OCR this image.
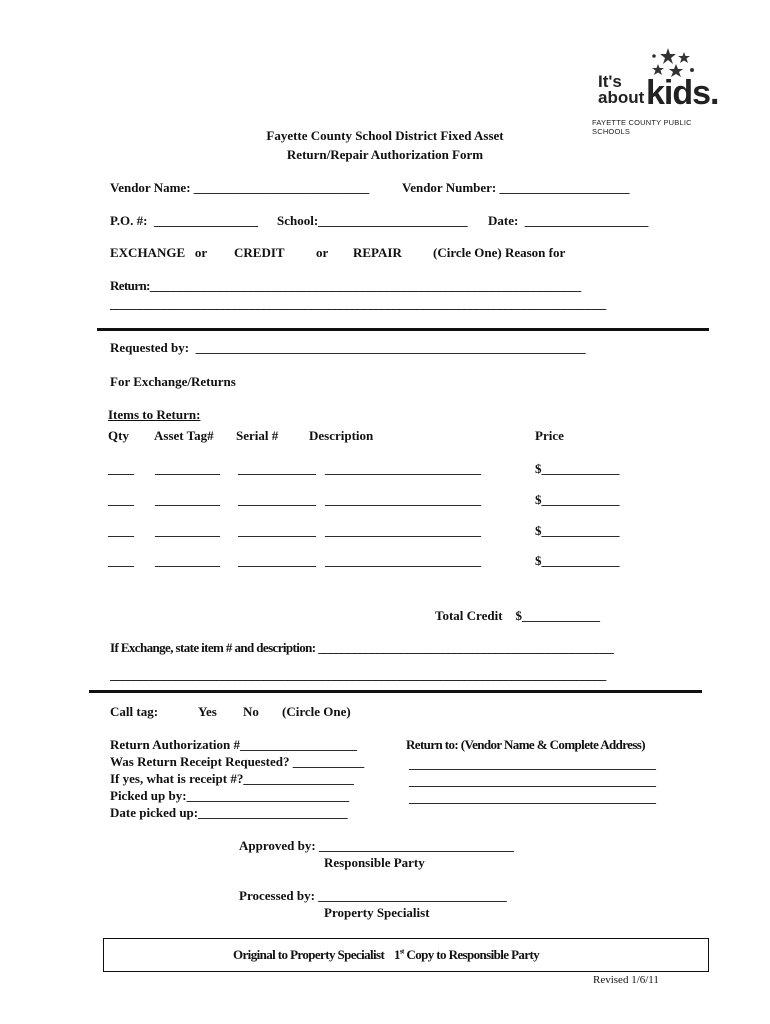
It's
about kids.
FAYETTE COUNTY PUBLIC SCHOOLS
Fayette County School District Fixed Asset
Return/Repair Authorization Form
Vendor Name: ___________________________	Vendor Number: ____________________
P.O. #:  ________________ School:_______________________ Date:  ___________________
EXCHANGE   or CREDIT or REPAIR (Circle One) Reason for
Return:_________________________________________________________________________
____________________________________________________________________________________
Requested by:  ____________________________________________________________
For Exchange/Returns
Items to Return:
Qty Asset Tag# Serial # Description	Price
____ __________ ____________ ________________________	$____________
____ __________ ____________ ________________________	$____________
____ __________ ____________ ________________________	$____________
____ __________ ____________ ________________________	$____________
Total Credit    $____________
If Exchange, state item # and description: __________________________________________________
____________________________________________________________________________________
Call tag:	Yes No (Circle One)
Return Authorization #__________________
Was Return Receipt Requested? ___________
If yes, what is receipt #?_________________
Picked up by:_________________________
Date picked up:_______________________
Return to: (Vendor Name & Complete Address)
______________________________________
______________________________________
______________________________________
Approved by: ______________________________
Responsible Party
Processed by: _____________________________
Property Specialist
Original to Property Specialist 1st Copy to Responsible Party
Revised 1/6/11
